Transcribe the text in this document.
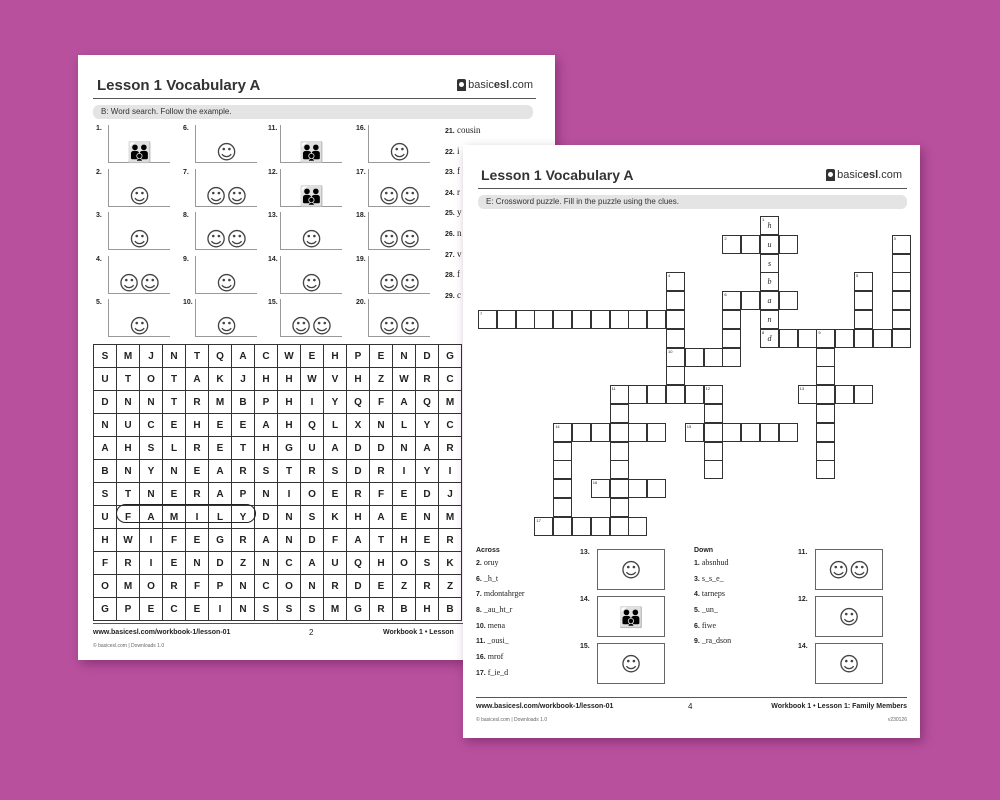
Lesson 1 Vocabulary A	basic esl .com
B: Word search. Follow the example.
1.
👪
6.
☺
11.
👪
16.
☺
2.
☺
7.
☺☺
12.
👪
17.
☺☺
3.
☺
8.
☺☺
13.
☺
18.
☺☺
4.
☺☺
9.
☺
14.
☺
19.
☺☺
5.
☺
10.
☺
15.
☺☺
20.
☺☺
21. cousin
22. i
23. f
24. r
25. y
26. n
27. v
28. f
29. c
S	M	J	N	T	Q	A	C	W	E	H	P	E	N	D	G
U	T	O	T	A	K	J	H	H	W	V	H	Z	W	R	C
D	N	N	T	R	M	B	P	H	I	Y	Q	F	A	Q	M
N	U	C	E	H	E	E	A	H	Q	L	X	N	L	Y	C
A	H	S	L	R	E	T	H	G	U	A	D	D	N	A	R
B	N	Y	N	E	A	R	S	T	R	S	D	R	I	Y	I
S	T	N	E	R	A	P	N	I	O	E	R	F	E	D	J
U	F	A	M	I	L	Y	D	N	S	K	H	A	E	N	M
H	W	I	F	E	G	R	A	N	D	F	A	T	H	E	R
F	R	I	E	N	D	Z	N	C	A	U	Q	H	O	S	K
O	M	O	R	F	P	N	C	O	N	R	D	E	Z	R	Z
G	P	E	C	E	I	N	S	S	S	M	G	R	B	H	B
www.basicesl.com/workbook-1/lesson-01	2	Workbook 1 • Lesson
© basicesl.com | Downloads 1.0
Lesson 1 Vocabulary A	basic esl .com
E: Crossword puzzle. Fill in the puzzle using the clues.
1
h
u
s
b
a
n
8
d
2	3
4
10
5
6
7
9
11	12	13
14	15
16
17
Across
2. oruy
6. _h_t
7. mdontahrger
8. _au_ht_r
10. mena
11. _ousi_
16. mrof
17. f_ie_d
Down
1. absnhud
3. s_s_e_
4. tarneps
5. _un_
6. fiwe
9. _ra_dson
13.
☺
14.
👪
15.
☺
11.
☺☺
12.
☺
14.
☺
www.basicesl.com/workbook-1/lesson-01	4	Workbook 1 • Lesson 1: Family Members
© basicesl.com | Downloads 1.0	v230126
